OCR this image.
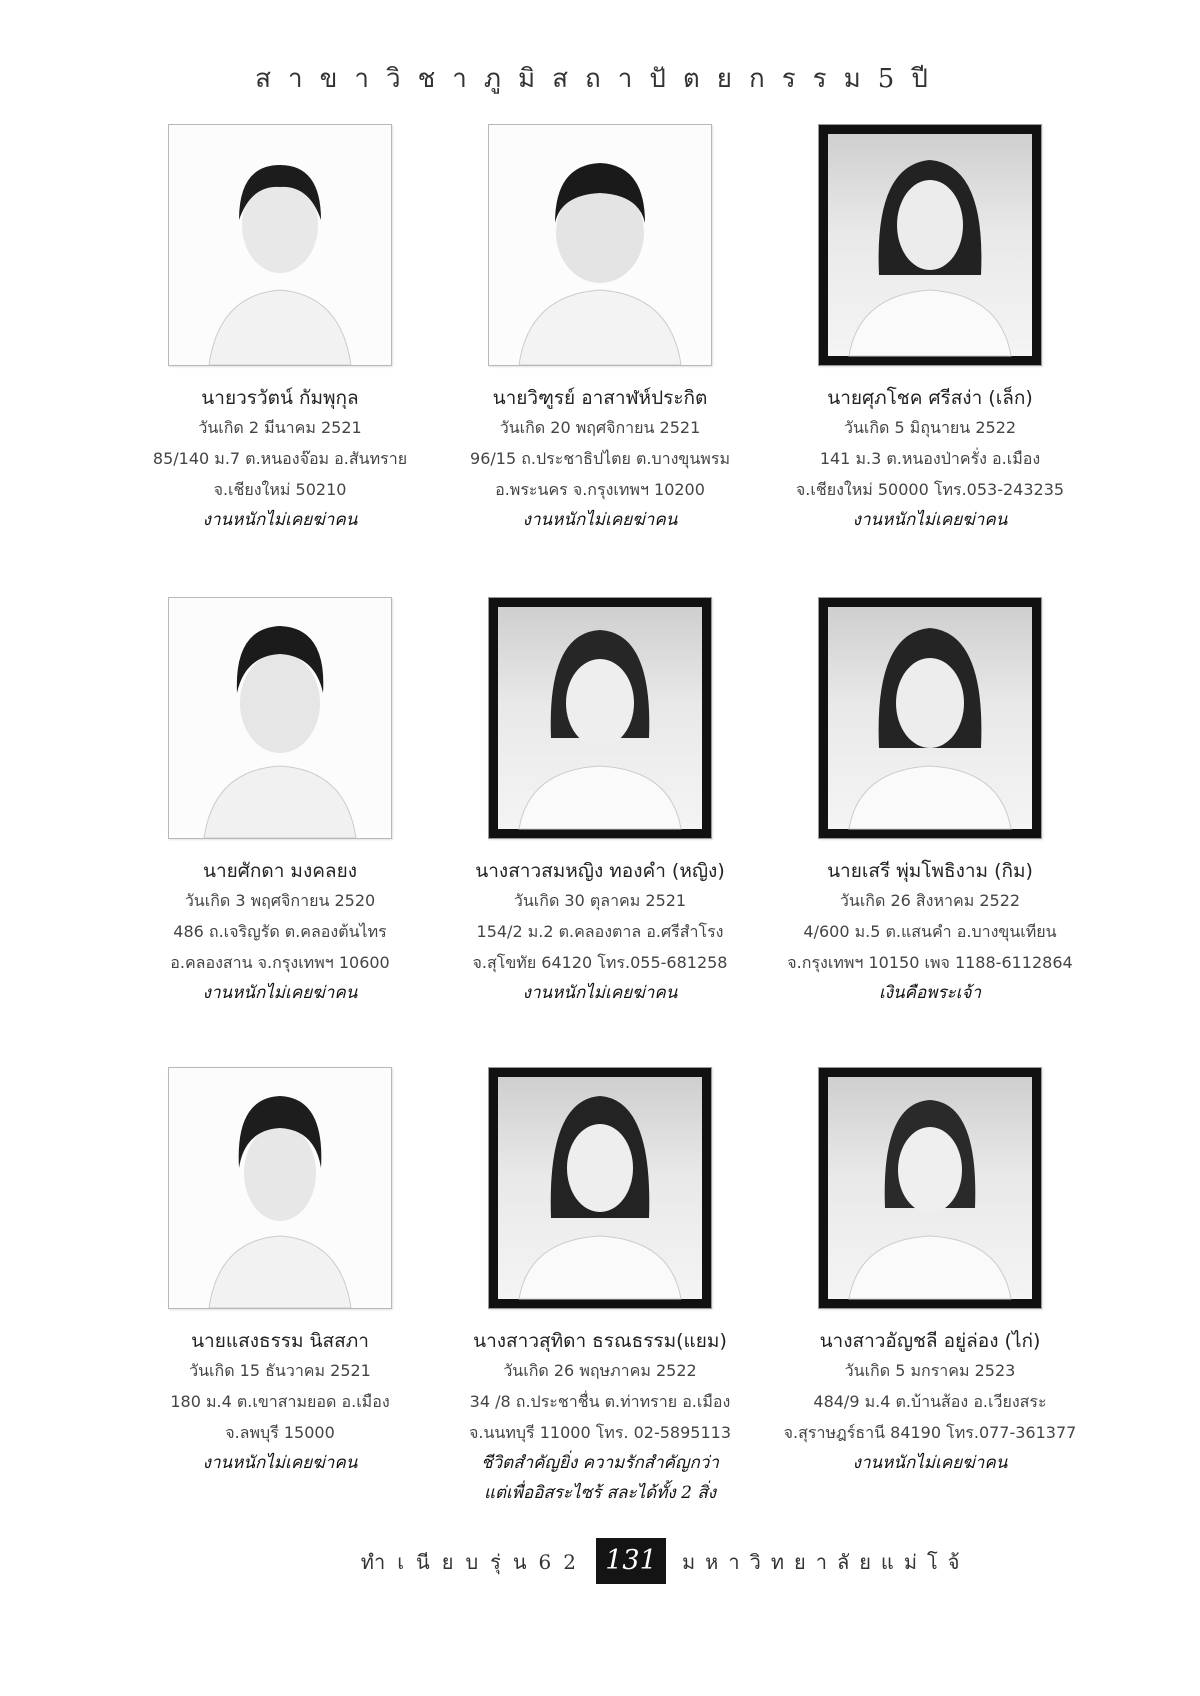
สาขาวิชาภูมิสถาปัตยกรรม5ปี
นายวรวัตน์ กัมพุกุล
วันเกิด 2 มีนาคม 2521
85/140 ม.7 ต.หนองจ๊อม อ.สันทราย
จ.เชียงใหม่ 50210
งานหนักไม่เคยฆ่าคน
นายวิฑูรย์ อาสาฬห์ประกิต
วันเกิด 20 พฤศจิกายน 2521
96/15 ถ.ประชาธิปไตย ต.บางขุนพรม
อ.พระนคร จ.กรุงเทพฯ 10200
งานหนักไม่เคยฆ่าคน
นายศุภโชค ศรีสง่า (เล็ก)
วันเกิด 5 มิถุนายน 2522
141 ม.3 ต.หนองป่าครั่ง อ.เมือง
จ.เชียงใหม่ 50000 โทร.053-243235
งานหนักไม่เคยฆ่าคน
นายศักดา มงคลยง
วันเกิด 3 พฤศจิกายน 2520
486 ถ.เจริญรัด ต.คลองต้นไทร
อ.คลองสาน จ.กรุงเทพฯ 10600
งานหนักไม่เคยฆ่าคน
นางสาวสมหญิง ทองคำ (หญิง)
วันเกิด 30 ตุลาคม 2521
154/2 ม.2 ต.คลองตาล อ.ศรีสำโรง
จ.สุโขทัย 64120 โทร.055-681258
งานหนักไม่เคยฆ่าคน
นายเสรี พุ่มโพธิงาม (กิม)
วันเกิด 26 สิงหาคม 2522
4/600 ม.5 ต.แสนคำ อ.บางขุนเทียน
จ.กรุงเทพฯ 10150 เพจ 1188-6112864
เงินคือพระเจ้า
นายแสงธรรม นิสสภา
วันเกิด 15 ธันวาคม 2521
180 ม.4 ต.เขาสามยอด อ.เมือง
จ.ลพบุรี 15000
งานหนักไม่เคยฆ่าคน
นางสาวสุทิดา ธรณธรรม(แยม)
วันเกิด 26 พฤษภาคม 2522
34 /8 ถ.ประชาชื่น ต.ท่าทราย อ.เมือง
จ.นนทบุรี 11000 โทร. 02-5895113
ชีวิตสำคัญยิ่ง ความรักสำคัญกว่า
แต่เพื่ออิสระไซร้ สละได้ทั้ง 2 สิ่ง
นางสาวอัญชลี อยู่ล่อง (ไก่)
วันเกิด 5 มกราคม 2523
484/9 ม.4 ต.บ้านส้อง อ.เวียงสระ
จ.สุราษฎร์ธานี 84190 โทร.077-361377
งานหนักไม่เคยฆ่าคน
ทำเนียบรุ่น62 131	มหาวิทยาลัยแม่โจ้
